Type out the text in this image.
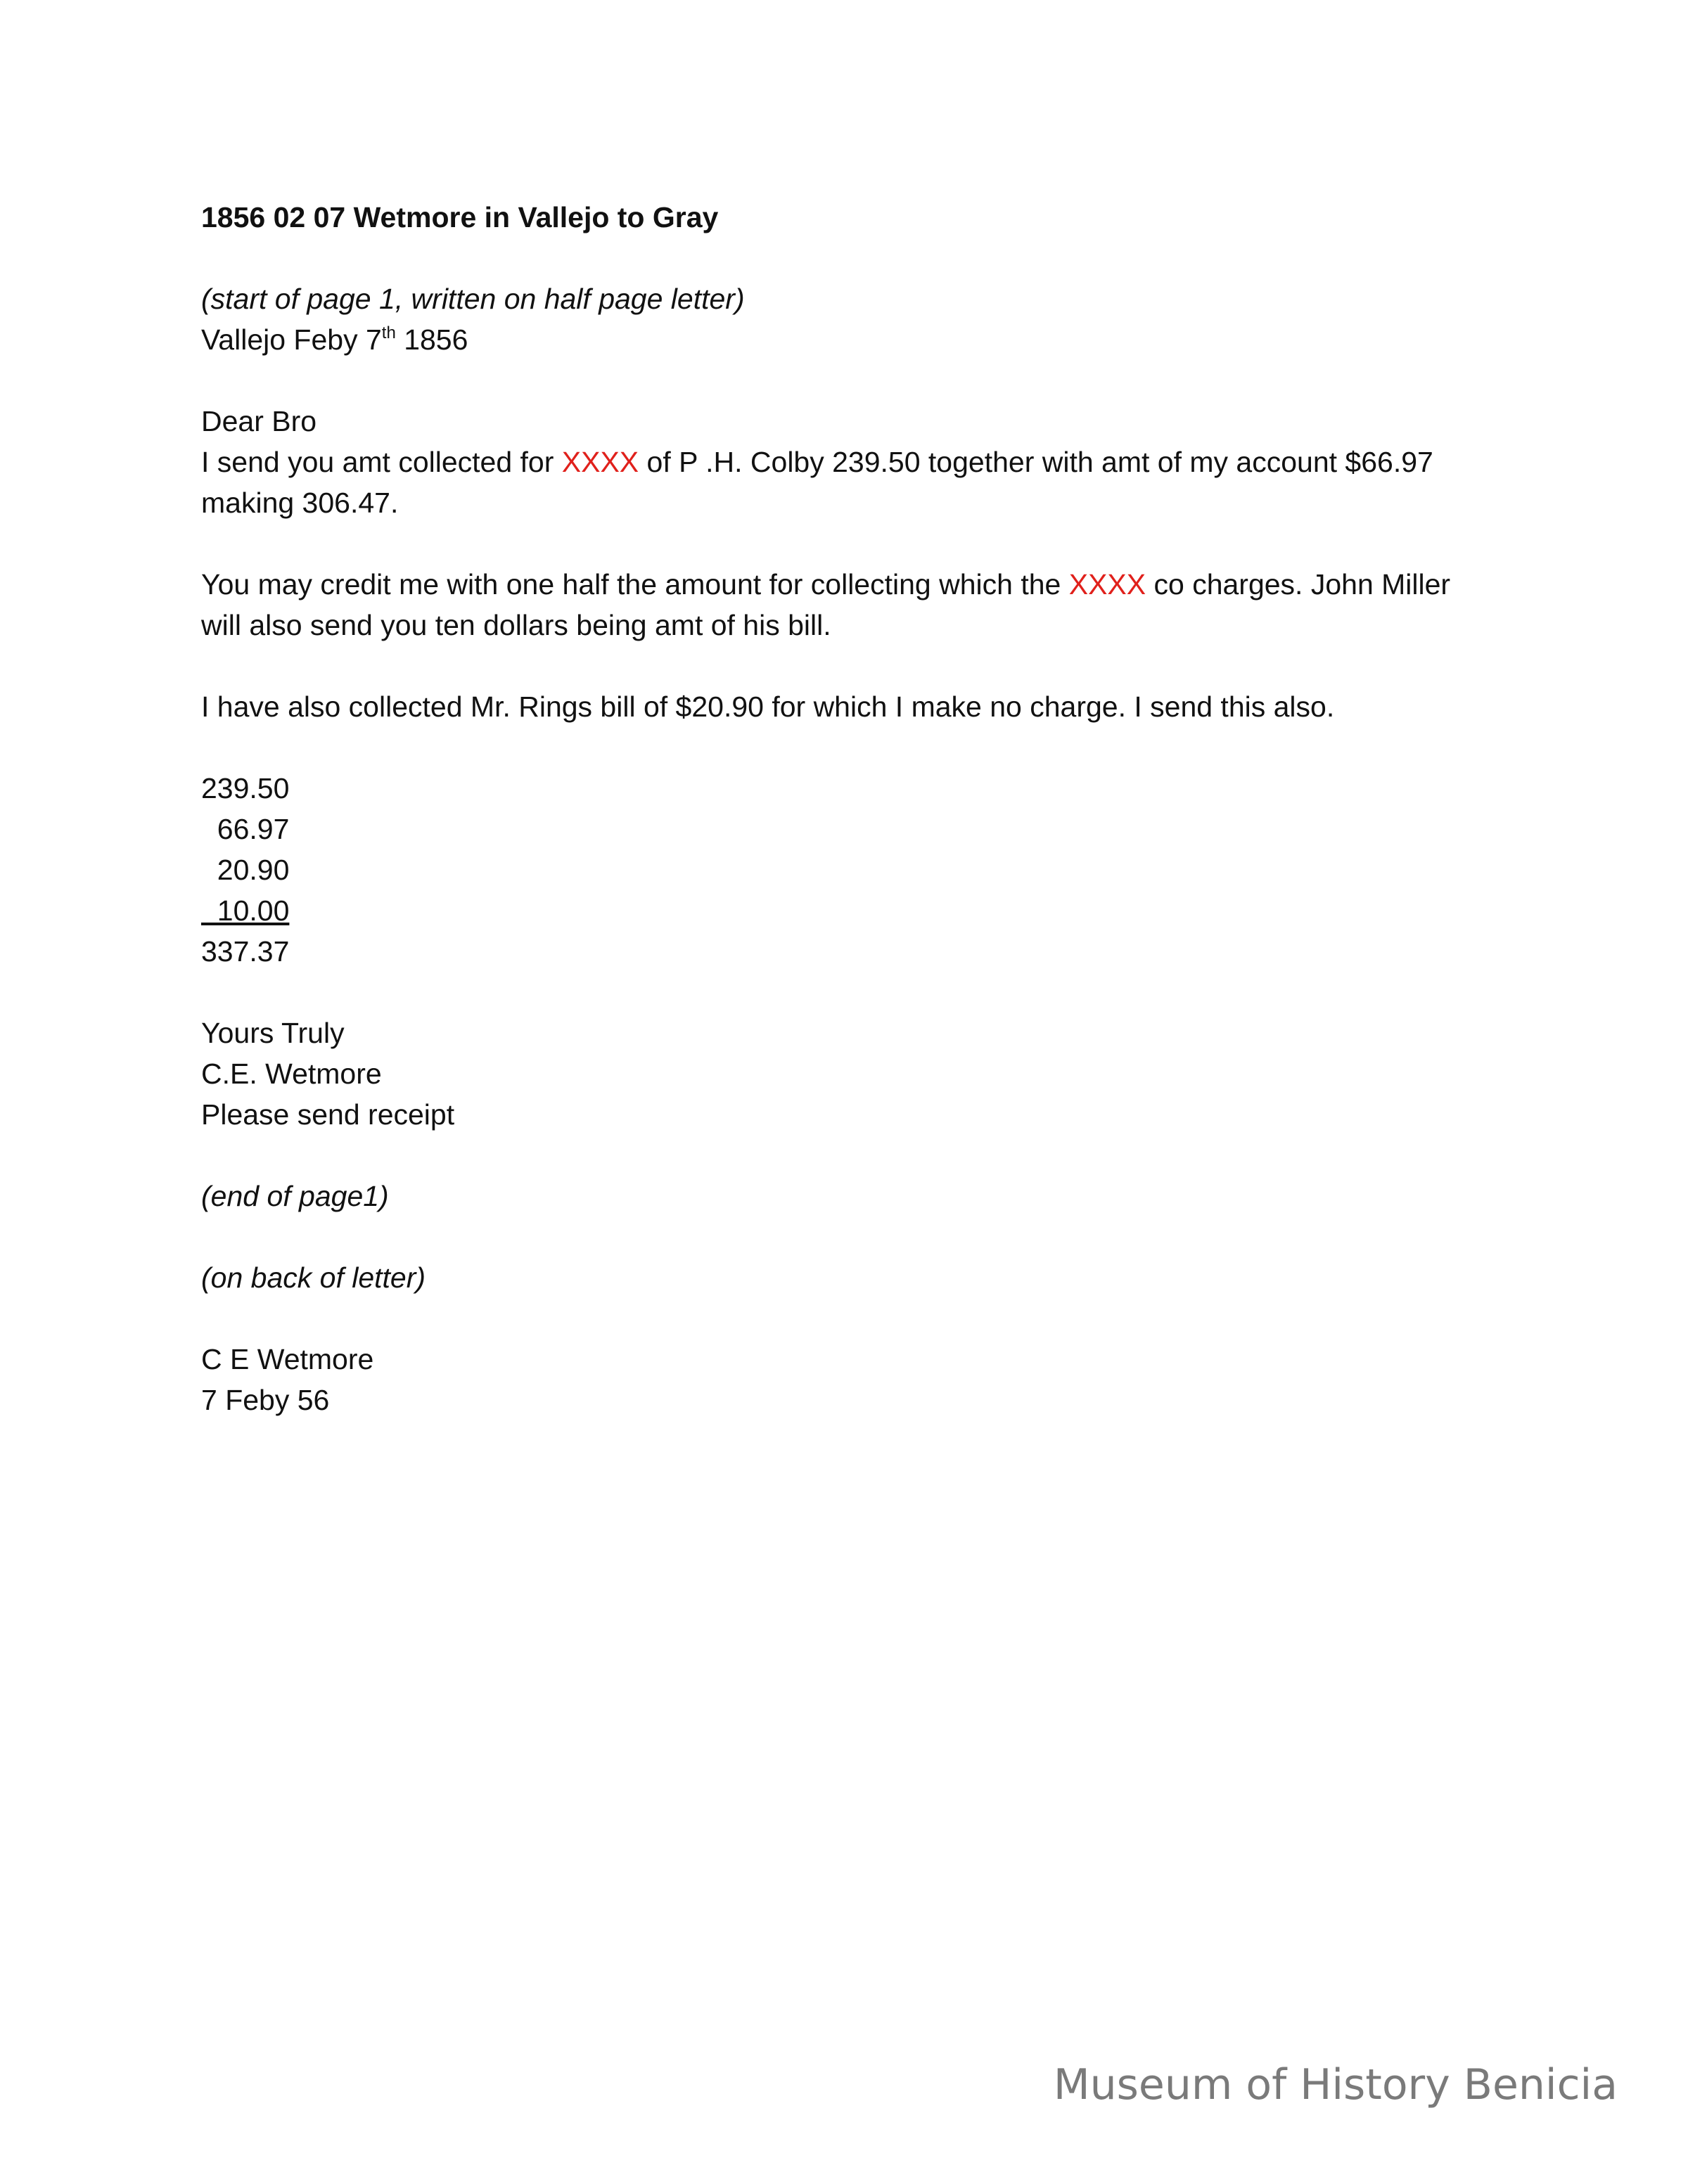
1856 02 07 Wetmore in Vallejo to Gray
(start of page 1, written on half page letter)
Vallejo Feby 7th 1856
Dear Bro
I send you amt collected for XXXX of P .H. Colby 239.50 together with amt of my account $66.97 making 306.47.
You may credit me with one half the amount for collecting which the XXXX co charges. John Miller will also send you ten dollars being amt of his bill.
I have also collected Mr. Rings bill of $20.90 for which I make no charge. I send this also.
239.50
66.97
20.90
10.00
337.37
Yours Truly
C.E. Wetmore
Please send receipt
(end of page1)
(on back of letter)
C E Wetmore
7 Feby 56
Museum of History Benicia
